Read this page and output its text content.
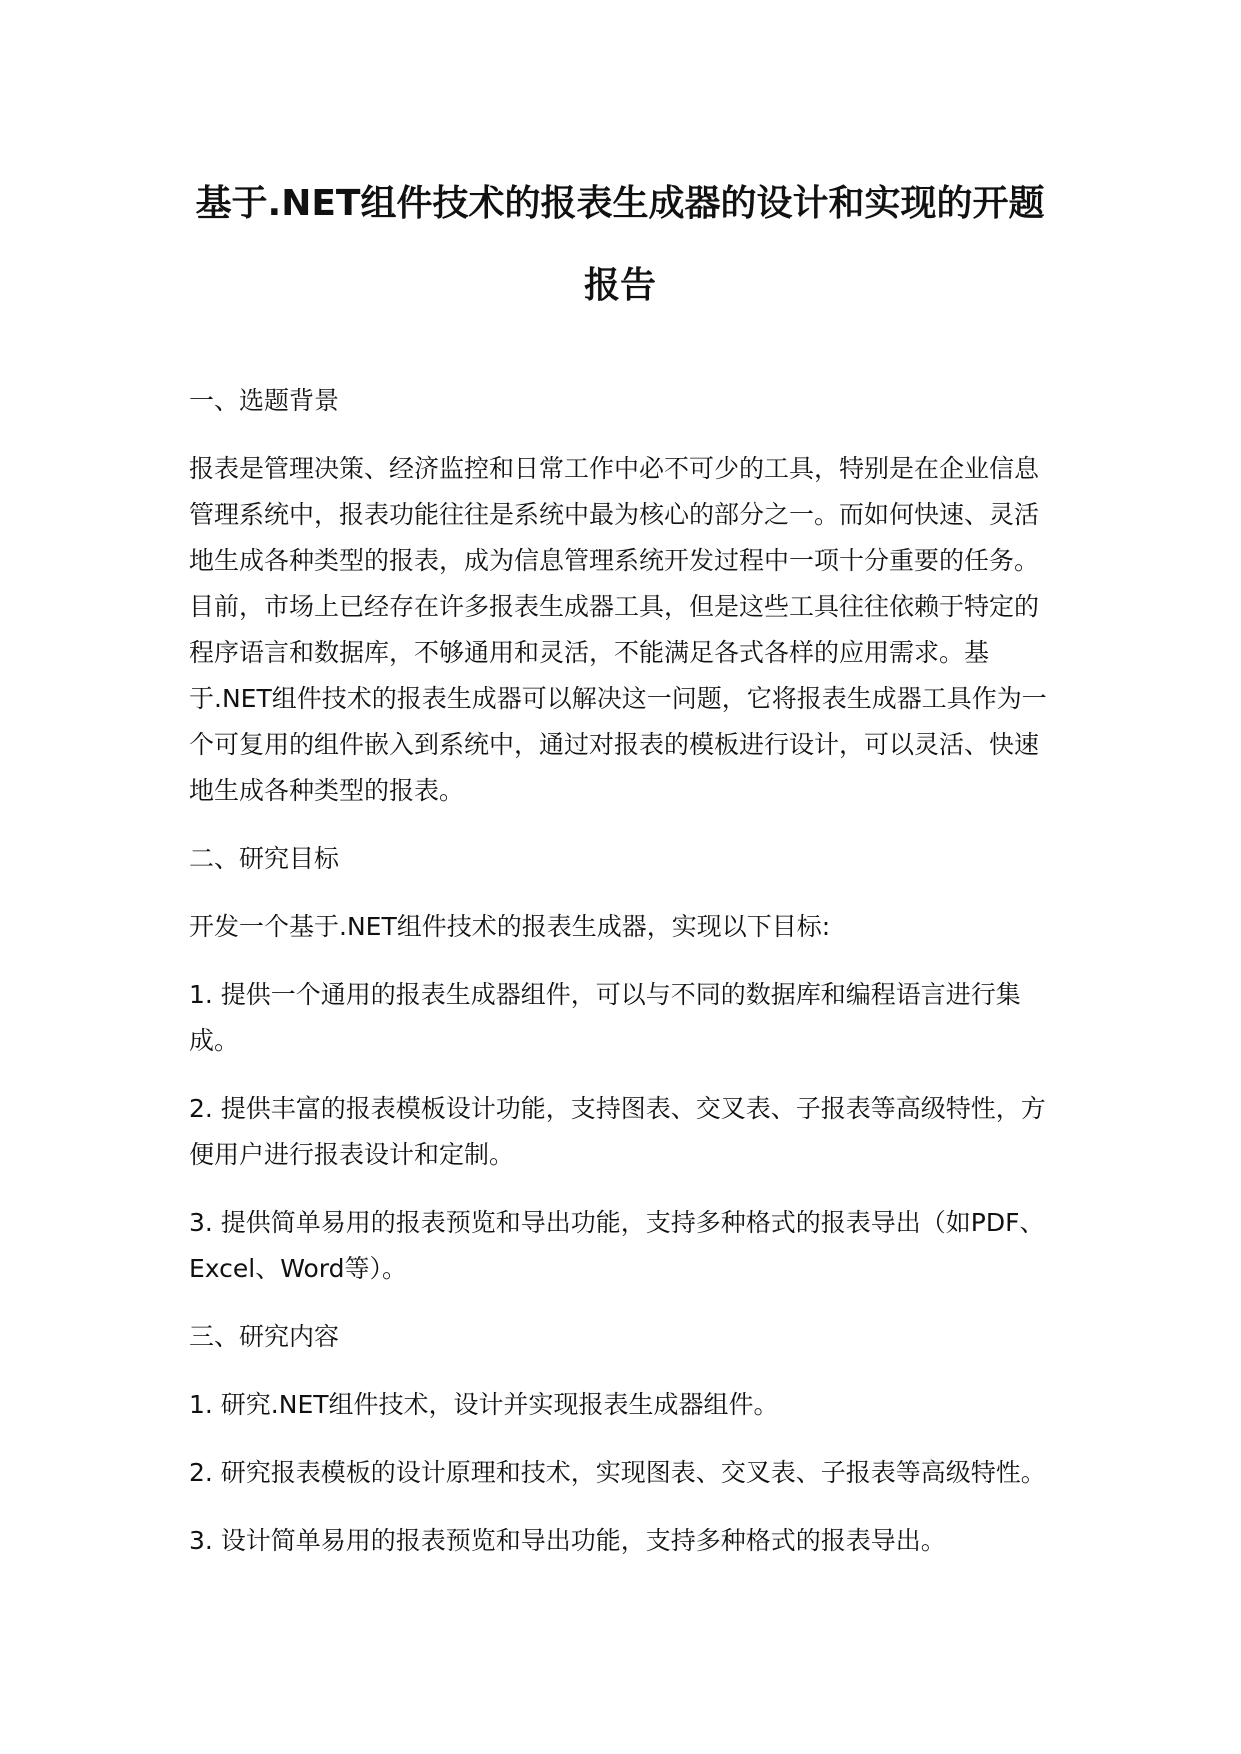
基于.NET组件技术的报表生成器的设计和实现的开题报告

一、选题背景

报表是管理决策、经济监控和日常工作中必不可少的工具，特别是在企业信息管理系统中，报表功能往往是系统中最为核心的部分之一。而如何快速、灵活地生成各种类型的报表，成为信息管理系统开发过程中一项十分重要的任务。目前，市场上已经存在许多报表生成器工具，但是这些工具往往依赖于特定的程序语言和数据库，不够通用和灵活，不能满足各式各样的应用需求。基于.NET组件技术的报表生成器可以解决这一问题，它将报表生成器工具作为一个可复用的组件嵌入到系统中，通过对报表的模板进行设计，可以灵活、快速地生成各种类型的报表。

二、研究目标

开发一个基于.NET组件技术的报表生成器，实现以下目标:

1. 提供一个通用的报表生成器组件，可以与不同的数据库和编程语言进行集成。

2. 提供丰富的报表模板设计功能，支持图表、交叉表、子报表等高级特性，方便用户进行报表设计和定制。

3. 提供简单易用的报表预览和导出功能，支持多种格式的报表导出（如PDF、Excel、Word等）。

三、研究内容

1. 研究.NET组件技术，设计并实现报表生成器组件。

2. 研究报表模板的设计原理和技术，实现图表、交叉表、子报表等高级特性。

3. 设计简单易用的报表预览和导出功能，支持多种格式的报表导出。
